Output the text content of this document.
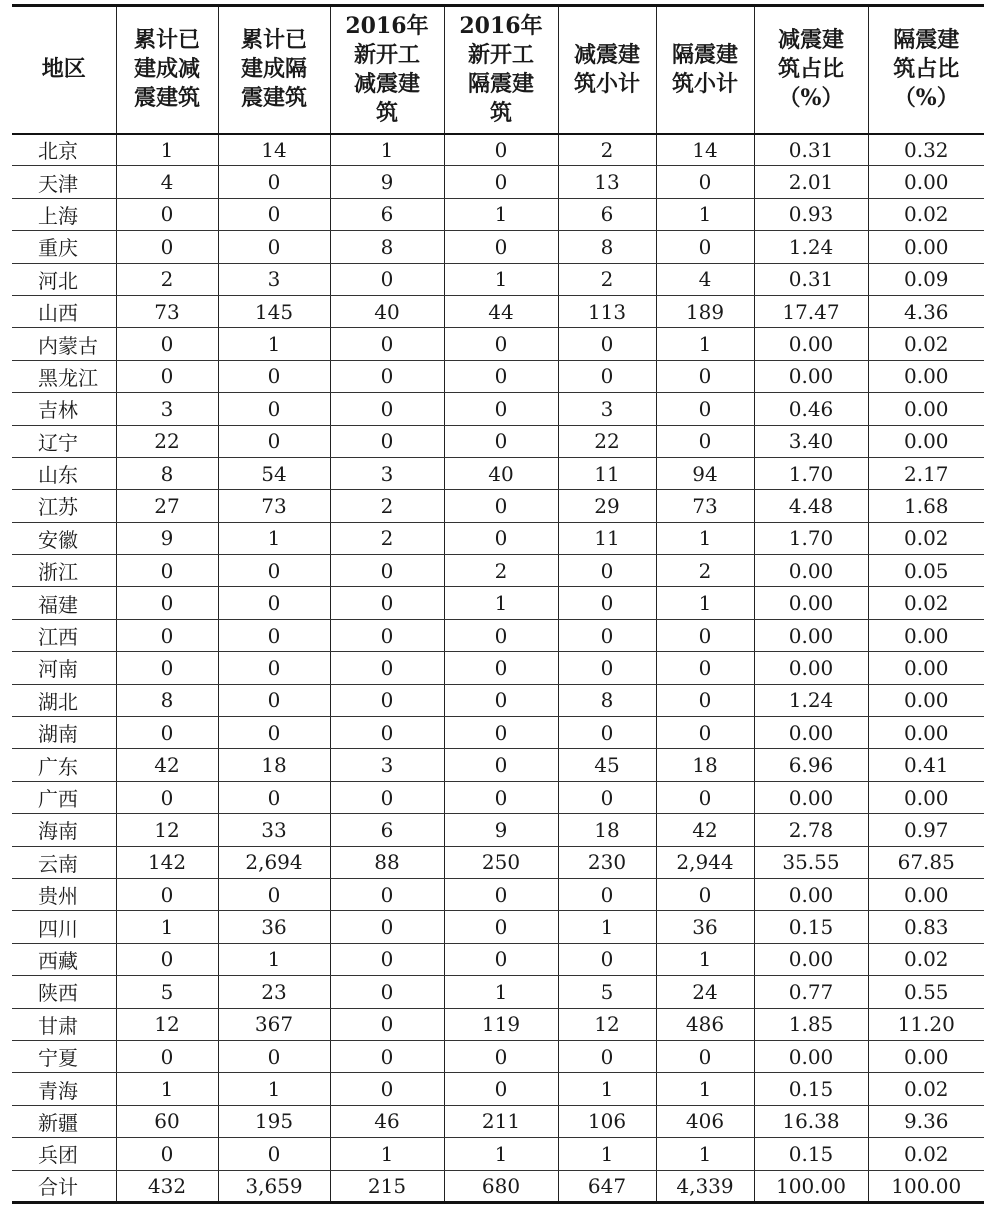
地区	累计已
建成减
震建筑	累计已
建成隔
震建筑	2016年
新开工
减震建
筑	2016年
新开工
隔震建
筑	减震建
筑小计	隔震建
筑小计	减震建
筑占比
（%）	隔震建
筑占比
（%）
北京	1	14	1	0	2	14	0.31	0.32
天津	4	0	9	0	13	0	2.01	0.00
上海	0	0	6	1	6	1	0.93	0.02
重庆	0	0	8	0	8	0	1.24	0.00
河北	2	3	0	1	2	4	0.31	0.09
山西	73	145	40	44	113	189	17.47	4.36
内蒙古	0	1	0	0	0	1	0.00	0.02
黑龙江	0	0	0	0	0	0	0.00	0.00
吉林	3	0	0	0	3	0	0.46	0.00
辽宁	22	0	0	0	22	0	3.40	0.00
山东	8	54	3	40	11	94	1.70	2.17
江苏	27	73	2	0	29	73	4.48	1.68
安徽	9	1	2	0	11	1	1.70	0.02
浙江	0	0	0	2	0	2	0.00	0.05
福建	0	0	0	1	0	1	0.00	0.02
江西	0	0	0	0	0	0	0.00	0.00
河南	0	0	0	0	0	0	0.00	0.00
湖北	8	0	0	0	8	0	1.24	0.00
湖南	0	0	0	0	0	0	0.00	0.00
广东	42	18	3	0	45	18	6.96	0.41
广西	0	0	0	0	0	0	0.00	0.00
海南	12	33	6	9	18	42	2.78	0.97
云南	142	2,694	88	250	230	2,944	35.55	67.85
贵州	0	0	0	0	0	0	0.00	0.00
四川	1	36	0	0	1	36	0.15	0.83
西藏	0	1	0	0	0	1	0.00	0.02
陕西	5	23	0	1	5	24	0.77	0.55
甘肃	12	367	0	119	12	486	1.85	11.20
宁夏	0	0	0	0	0	0	0.00	0.00
青海	1	1	0	0	1	1	0.15	0.02
新疆	60	195	46	211	106	406	16.38	9.36
兵团	0	0	1	1	1	1	0.15	0.02
合计	432	3,659	215	680	647	4,339	100.00	100.00
